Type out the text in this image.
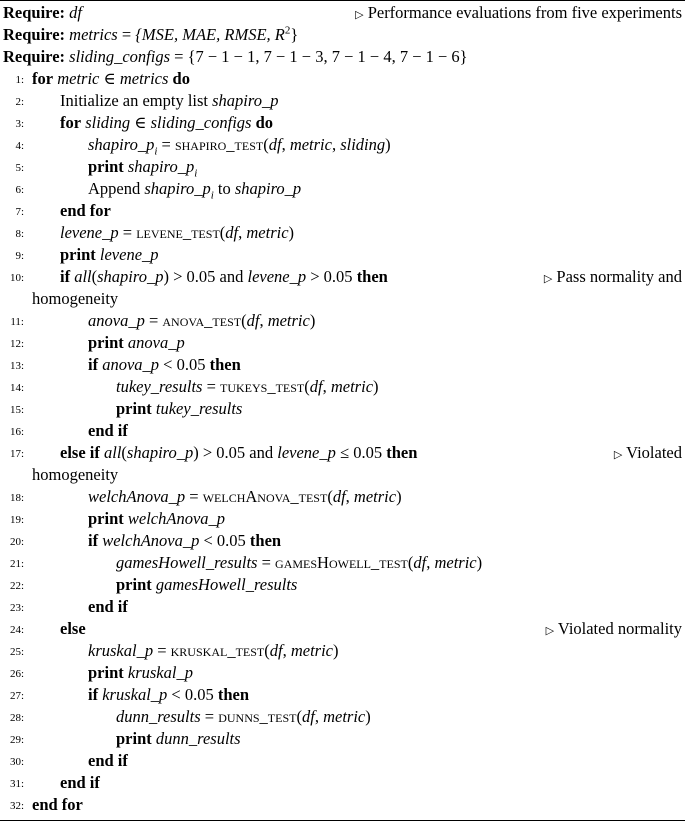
Require: df	▷ Performance evaluations from five experiments
Require: metrics = {MSE, MAE, RMSE, $R^2$}
Require: sliding_configs = {7 − 1 − 1, 7 − 1 − 3, 7 − 1 − 4, 7 − 1 − 6}
1: for metric ∈ metrics do
2: Initialize an empty list shapiro_p
3: for sliding ∈ sliding_configs do
4:	$shapiro\_p_i$ = shapiro_test(df, metric, sliding)
5:	print $shapiro\_p_i$
6:	Append $shapiro\_p_i$ to shapiro_p
7: end for
8: levene_p = levene_test(df, metric)
9: print levene_p
10: if all(shapiro_p) > 0.05 and levene_p > 0.05 then	▷ Pass normality and
homogeneity
11:	anova_p = anova_test(df, metric)
12:	print anova_p
13:	if anova_p < 0.05 then
14:	tukey_results = tukeys_test(df, metric)
15:	print tukey_results
16:	end if
17: else if all(shapiro_p) > 0.05 and levene_p ≤ 0.05 then	▷ Violated
homogeneity
18:	welchAnova_p = welchAnova_test(df, metric)
19:	print welchAnova_p
20:	if welchAnova_p < 0.05 then
21:	gamesHowell_results = gamesHowell_test(df, metric)
22:	print gamesHowell_results
23:	end if
24: else	▷ Violated normality
25:	kruskal_p = kruskal_test(df, metric)
26:	print kruskal_p
27:	if kruskal_p < 0.05 then
28:	dunn_results = dunns_test(df, metric)
29:	print dunn_results
30:	end if
31: end if
32: end for
